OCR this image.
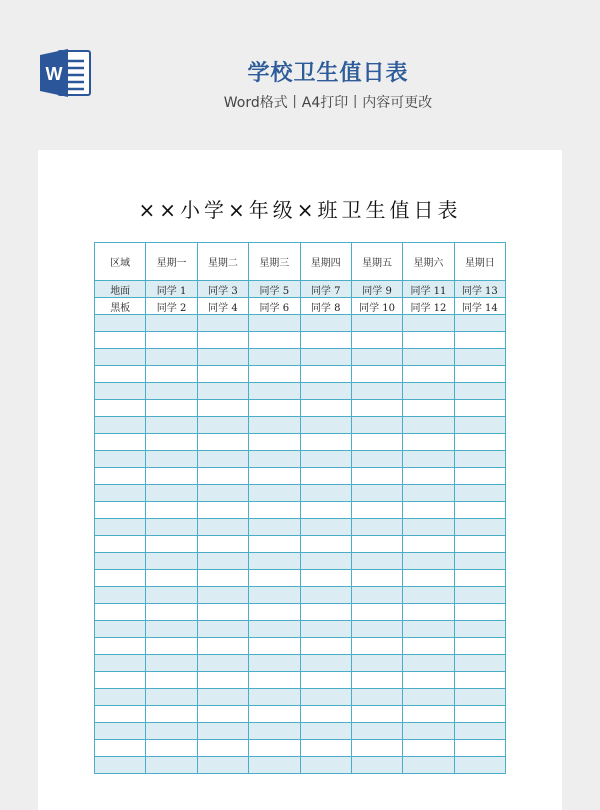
W	学校卫生值日表
Word格式丨A4打印丨内容可更改
××小学×年级×班卫生值日表
区域	星期一	星期二	星期三	星期四	星期五	星期六	星期日
地面	同学 1	同学 3	同学 5	同学 7	同学 9	同学 11	同学 13
黑板	同学 2	同学 4	同学 6	同学 8	同学 10	同学 12	同学 14
